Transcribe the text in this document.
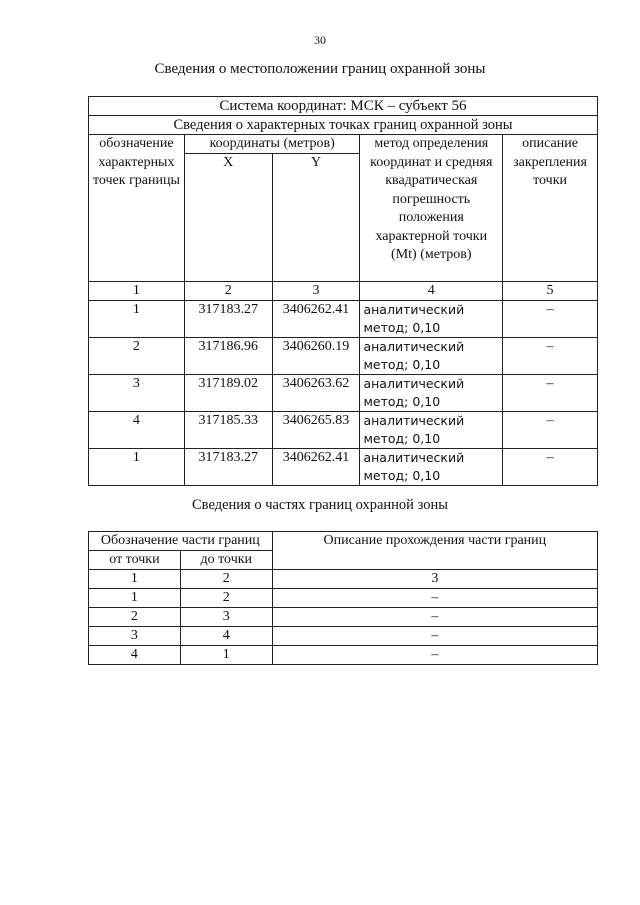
30
Сведения о местоположении границ охранной зоны
Система координат: МСК – субъект 56				
Сведения о характерных точках границ охранной зоны				
обозначение характерных точек границы	координаты (метров)		метод определения координат и средняя квадратическая погрешность положения характерной точки (Mt) (метров)	описание закрепления точки
	X	Y		
1	2	3	4	5
1	317183.27	3406262.41	аналитический метод; 0,10	–
2	317186.96	3406260.19	аналитический метод; 0,10	–
3	317189.02	3406263.62	аналитический метод; 0,10	–
4	317185.33	3406265.83	аналитический метод; 0,10	–
1	317183.27	3406262.41	аналитический метод; 0,10	–
Сведения о частях границ охранной зоны
Обозначение части границ		Описание прохождения части границ
от точки	до точки	
1	2	3
1	2	–
2	3	–
3	4	–
4	1	–
